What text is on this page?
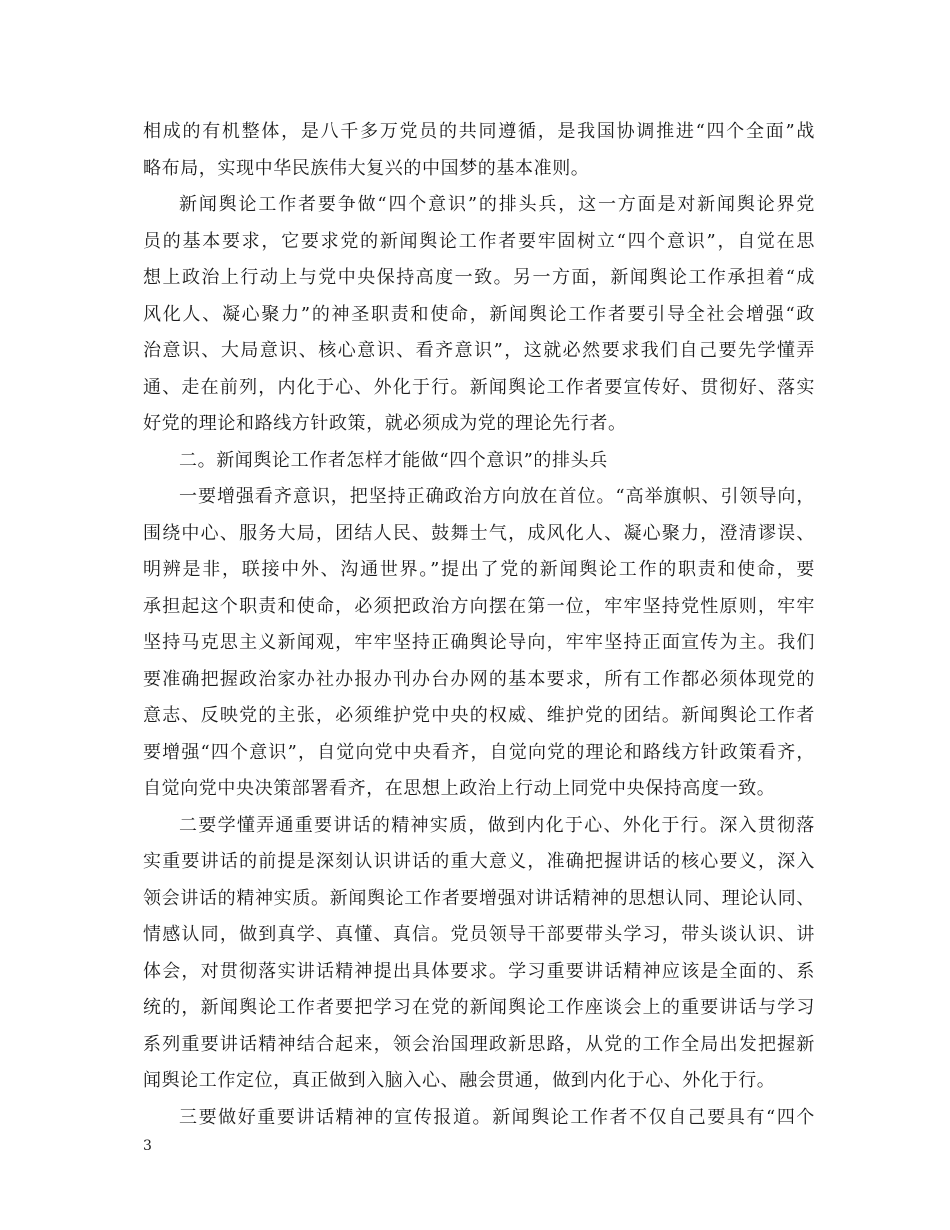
相成的有机整体，是八千多万党员的共同遵循，是我国协调推进“四个全面”战
略布局，实现中华民族伟大复兴的中国梦的基本准则。
新闻舆论工作者要争做“四个意识”的排头兵，这一方面是对新闻舆论界党
员的基本要求，它要求党的新闻舆论工作者要牢固树立“四个意识”，自觉在思
想上政治上行动上与党中央保持高度一致。另一方面，新闻舆论工作承担着“成
风化人、凝心聚力”的神圣职责和使命，新闻舆论工作者要引导全社会增强“政
治意识、大局意识、核心意识、看齐意识”，这就必然要求我们自己要先学懂弄
通、走在前列，内化于心、外化于行。新闻舆论工作者要宣传好、贯彻好、落实
好党的理论和路线方针政策，就必须成为党的理论先行者。
二。新闻舆论工作者怎样才能做“四个意识”的排头兵
一要增强看齐意识，把坚持正确政治方向放在首位。“高举旗帜、引领导向，
围绕中心、服务大局，团结人民、鼓舞士气，成风化人、凝心聚力，澄清谬误、
明辨是非，联接中外、沟通世界。”提出了党的新闻舆论工作的职责和使命，要
承担起这个职责和使命，必须把政治方向摆在第一位，牢牢坚持党性原则，牢牢
坚持马克思主义新闻观，牢牢坚持正确舆论导向，牢牢坚持正面宣传为主。我们
要准确把握政治家办社办报办刊办台办网的基本要求，所有工作都必须体现党的
意志、反映党的主张，必须维护党中央的权威、维护党的团结。新闻舆论工作者
要增强“四个意识”，自觉向党中央看齐，自觉向党的理论和路线方针政策看齐，
自觉向党中央决策部署看齐，在思想上政治上行动上同党中央保持高度一致。
二要学懂弄通重要讲话的精神实质，做到内化于心、外化于行。深入贯彻落
实重要讲话的前提是深刻认识讲话的重大意义，准确把握讲话的核心要义，深入
领会讲话的精神实质。新闻舆论工作者要增强对讲话精神的思想认同、理论认同、
情感认同，做到真学、真懂、真信。党员领导干部要带头学习，带头谈认识、讲
体会，对贯彻落实讲话精神提出具体要求。学习重要讲话精神应该是全面的、系
统的，新闻舆论工作者要把学习在党的新闻舆论工作座谈会上的重要讲话与学习
系列重要讲话精神结合起来，领会治国理政新思路，从党的工作全局出发把握新
闻舆论工作定位，真正做到入脑入心、融会贯通，做到内化于心、外化于行。
三要做好重要讲话精神的宣传报道。新闻舆论工作者不仅自己要具有“四个
3
